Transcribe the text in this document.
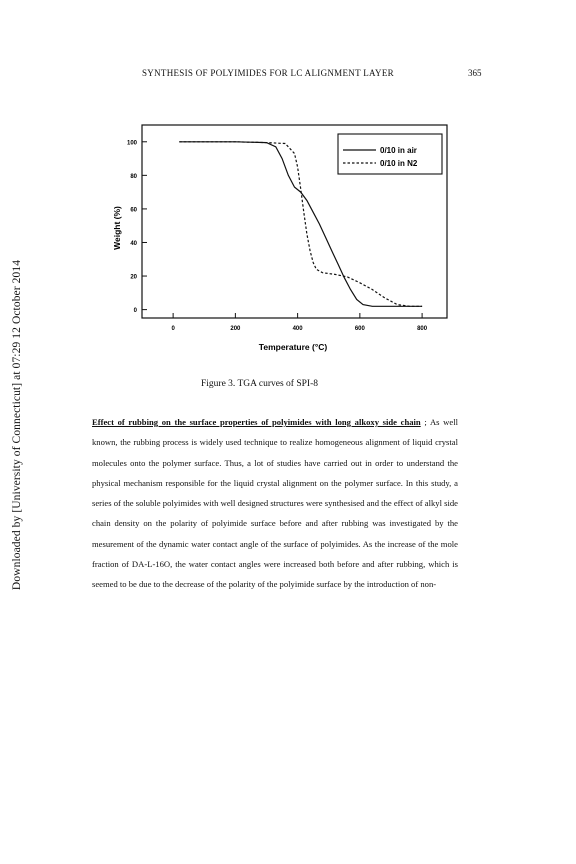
Downloaded by [University of Connecticut] at 07:29 12 October 2014
SYNTHESIS OF POLYIMIDES FOR LC ALIGNMENT LAYER	365
0
20
40
60
80
100
0	200	400	600	800
Weight (%)
Temperature (°C)
0/10 in air
0/10 in N2
Figure 3. TGA curves of SPI-8
Effect of rubbing on the surface properties of polyimides with long alkoxy side chain ; As well known, the rubbing process is widely used technique to realize homogeneous alignment of liquid crystal molecules onto the polymer surface. Thus, a lot of studies have carried out in order to understand the physical mechanism responsible for the liquid crystal alignment on the polymer surface. In this study, a series of the soluble polyimides with well designed structures were synthesised and the effect of alkyl side chain density on the polarity of polyimide surface before and after rubbing was investigated by the mesurement of the dynamic water contact angle of the surface of polyimides. As the increase of the mole fraction of DA-L-16O, the water contact angles were increased both before and after rubbing, which is seemed to be due to the decrease of the polarity of the polyimide surface by the introduction of non-
